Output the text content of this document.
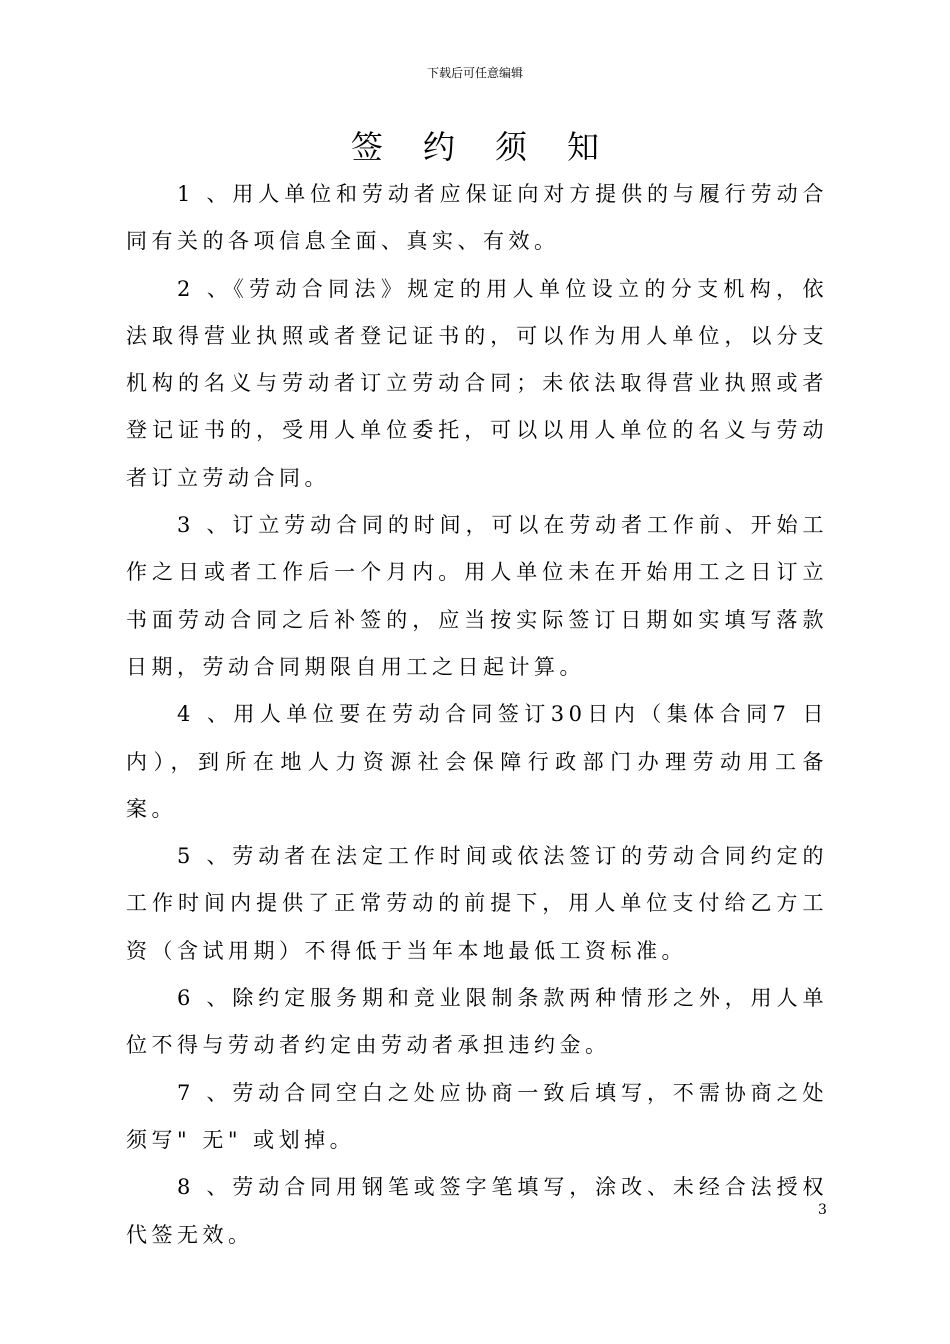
下载后可任意编辑
签约须知

1 、用人单位和劳动者应保证向对方提供的与履行劳动合同有关的各项信息全面、真实、有效。

2 、《劳动合同法》规定的用人单位设立的分支机构，依法取得营业执照或者登记证书的，可以作为用人单位，以分支机构的名义与劳动者订立劳动合同；未依法取得营业执照或者登记证书的，受用人单位委托，可以以用人单位的名义与劳动者订立劳动合同。

3 、订立劳动合同的时间，可以在劳动者工作前、开始工作之日或者工作后一个月内。用人单位未在开始用工之日订立书面劳动合同之后补签的，应当按实际签订日期如实填写落款日期，劳动合同期限自用工之日起计算。

4 、用人单位要在劳动合同签订30日内（集体合同7 日内），到所在地人力资源社会保障行政部门办理劳动用工备案。

5 、劳动者在法定工作时间或依法签订的劳动合同约定的工作时间内提供了正常劳动的前提下，用人单位支付给乙方工资（含试用期）不得低于当年本地最低工资标准。

6 、除约定服务期和竞业限制条款两种情形之外，用人单位不得与劳动者约定由劳动者承担违约金。

7 、劳动合同空白之处应协商一致后填写，不需协商之处须写" 无" 或划掉。

8 、劳动合同用钢笔或签字笔填写，涂改、未经合法授权代签无效。

3
